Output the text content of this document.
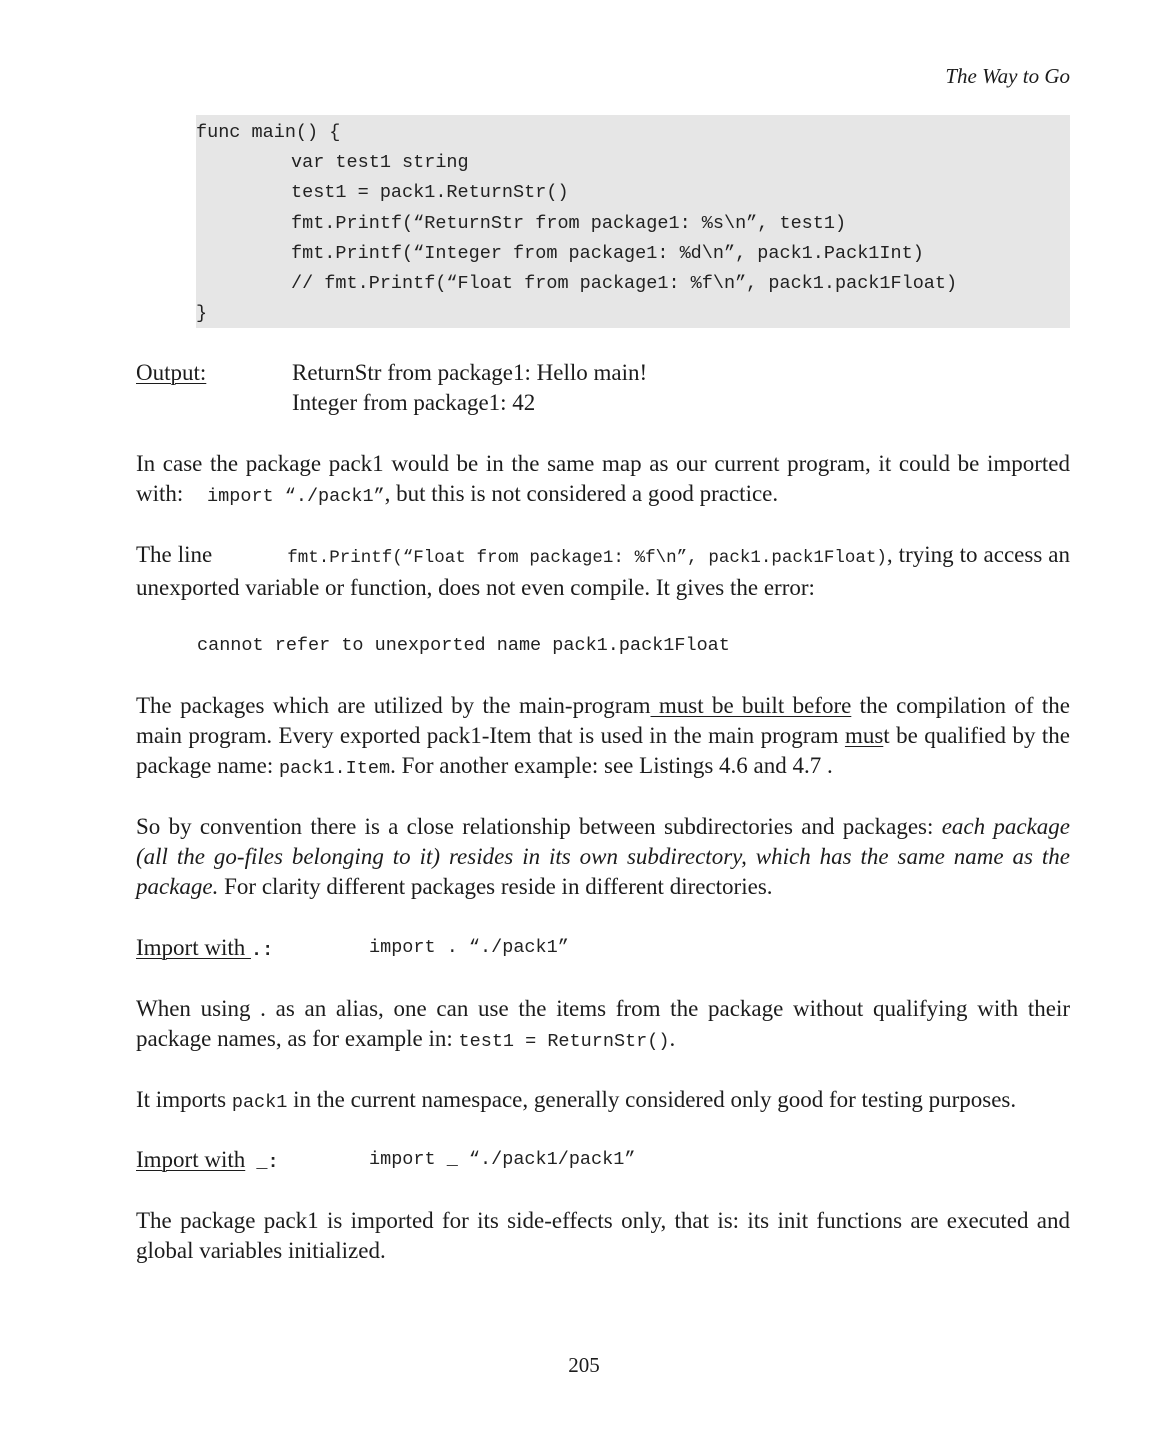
The Way to Go
func main() {
var test1 string
test1 = pack1.ReturnStr()
fmt.Printf(“ReturnStr from package1: %s\n”, test1)
fmt.Printf(“Integer from package1: %d\n”, pack1.Pack1Int)
// fmt.Printf(“Float from package1: %f\n”, pack1.pack1Float)
}
Output:	ReturnStr from package1: Hello main!
Integer from package1: 42
In case the package pack1 would be in the same map as our current program, it could be imported with: import “./pack1”, but this is not considered a good practice.
The line	fmt.Printf(“Float from package1: %f\n”, pack1.pack1Float), trying to access an unexported variable or function, does not even compile. It gives the error:
cannot refer to unexported name pack1.pack1Float
The packages which are utilized by the main-program must be built before the compilation of the main program. Every exported pack1-Item that is used in the main program must be qualified by the package name: pack1.Item. For another example: see Listings 4.6 and 4.7 .
So by convention there is a close relationship between subdirectories and packages: each package (all the go-files belonging to it) resides in its own subdirectory, which has the same name as the package. For clarity different packages reside in different directories.
Import with .:	import . “./pack1”
When using . as an alias, one can use the items from the package without qualifying with their package names, as for example in: test1 = ReturnStr().
It imports pack1 in the current namespace, generally considered only good for testing purposes.
Import with _:	import _ “./pack1/pack1”
The package pack1 is imported for its side-effects only, that is: its init functions are executed and global variables initialized.
205
